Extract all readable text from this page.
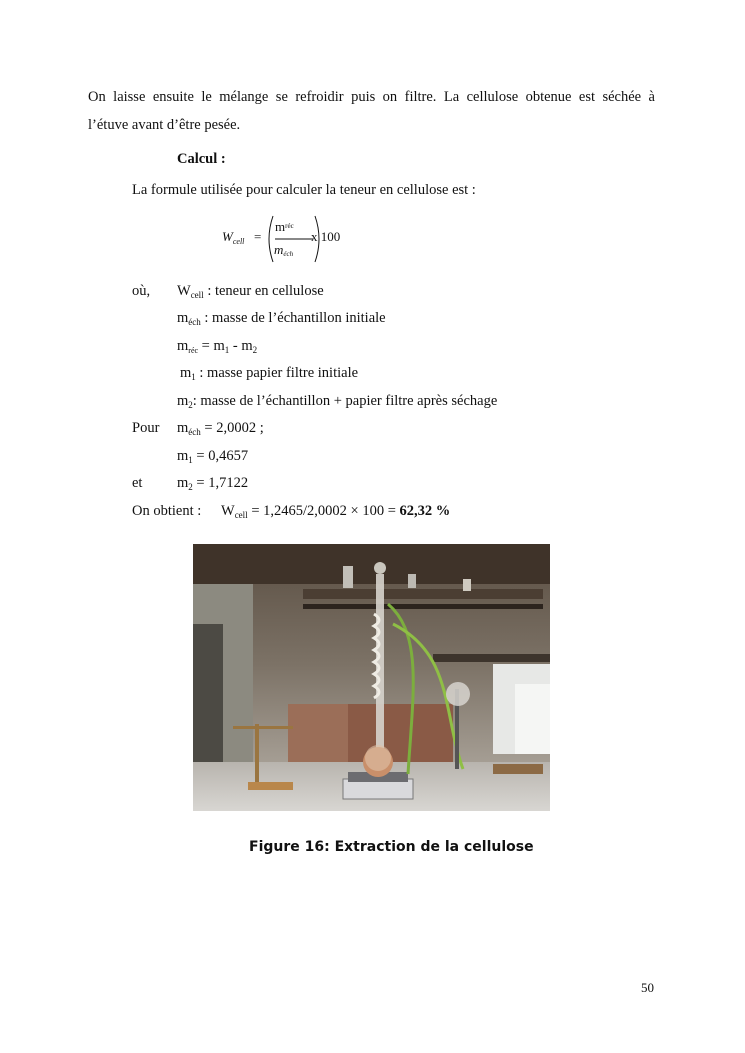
On laisse ensuite le mélange se refroidir puis on filtre. La cellulose obtenue est séchée à
l’étuve avant d’être pesée.
Calcul :
La formule utilisée pour calculer la teneur en cellulose est :
$W_{cell}$ =
$m^{réc}$
méch
x 100
où, $W_{cell}$ : teneur en cellulose
$m_{éch}$ : masse de l’échantillon initiale
$m_{réc} = m_1 - m_2$
$m_1$ : masse papier filtre initiale
$m_2$: masse de l’échantillon + papier filtre après séchage
Pour $m_{éch} = 2,0002$ ;
$m_1 = 0,4657$
et $m_2 = 1,7122$
On obtient : $W_{cell} = 1,2465/2,0002 \times 100 = 62,32$ %
Figure 16: Extraction de la cellulose
50
